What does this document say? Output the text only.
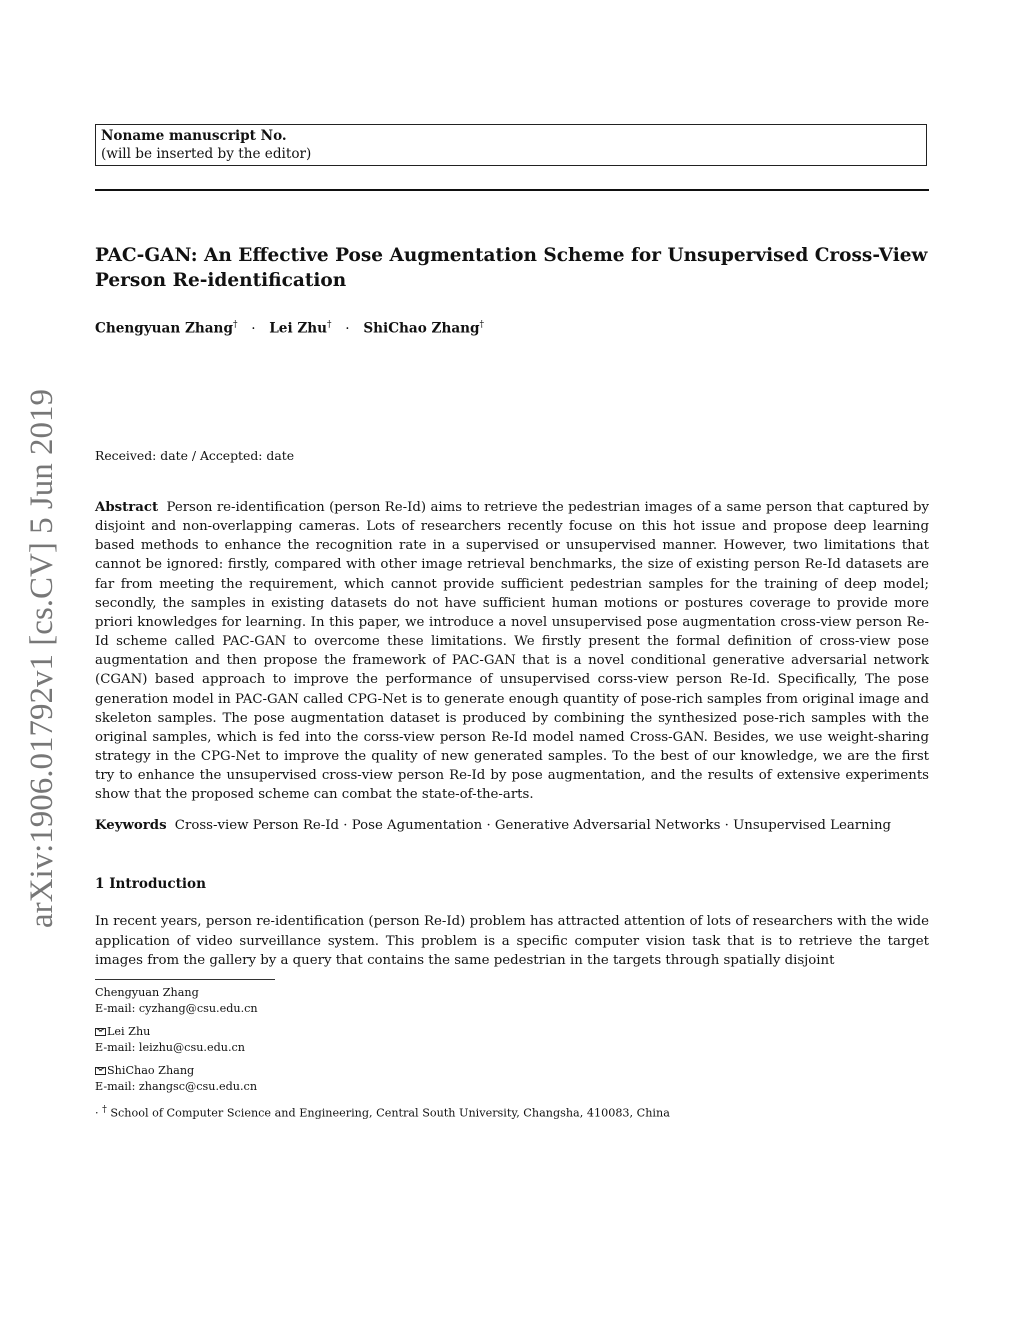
arXiv:1906.01792v1 [cs.CV] 5 Jun 2019
Noname manuscript No.
(will be inserted by the editor)
PAC-GAN: An Effective Pose Augmentation Scheme for Unsupervised Cross-View
Person Re-identification
Chengyuan Zhang† · Lei Zhu† · ShiChao Zhang†
Received: date / Accepted: date
Abstract Person re-identification (person Re-Id) aims to retrieve the pedestrian images of a same person that captured by disjoint and non-overlapping cameras. Lots of researchers recently focuse on this hot issue and propose deep learning based methods to enhance the recognition rate in a supervised or unsupervised manner. However, two limitations that cannot be ignored: firstly, compared with other image retrieval benchmarks, the size of existing person Re-Id datasets are far from meeting the requirement, which cannot provide sufficient pedestrian samples for the training of deep model; secondly, the samples in existing datasets do not have sufficient human motions or postures coverage to provide more priori knowledges for learning. In this paper, we introduce a novel unsupervised pose augmentation cross-view person Re-Id scheme called PAC-GAN to overcome these limitations. We firstly present the formal definition of cross-view pose augmentation and then propose the framework of PAC-GAN that is a novel conditional generative adversarial network (CGAN) based approach to improve the performance of unsupervised corss-view person Re-Id. Specifically, The pose generation model in PAC-GAN called CPG-Net is to generate enough quantity of pose-rich samples from original image and skeleton samples. The pose augmentation dataset is produced by combining the synthesized pose-rich samples with the original samples, which is fed into the corss-view person Re-Id model named Cross-GAN. Besides, we use weight-sharing strategy in the CPG-Net to improve the quality of new generated samples. To the best of our knowledge, we are the first try to enhance the unsupervised cross-view person Re-Id by pose augmentation, and the results of extensive experiments show that the proposed scheme can combat the state-of-the-arts.
Keywords Cross-view Person Re-Id · Pose Agumentation · Generative Adversarial Networks · Unsupervised Learning
1 Introduction
In recent years, person re-identification (person Re-Id) problem has attracted attention of lots of researchers with the wide application of video surveillance system. This problem is a specific computer vision task that is to retrieve the target images from the gallery by a query that contains the same pedestrian in the targets through spatially disjoint
Chengyuan Zhang
E-mail: cyzhang@csu.edu.cn
Lei Zhu
E-mail: leizhu@csu.edu.cn
ShiChao Zhang
E-mail: zhangsc@csu.edu.cn
· † School of Computer Science and Engineering, Central South University, Changsha, 410083, China
